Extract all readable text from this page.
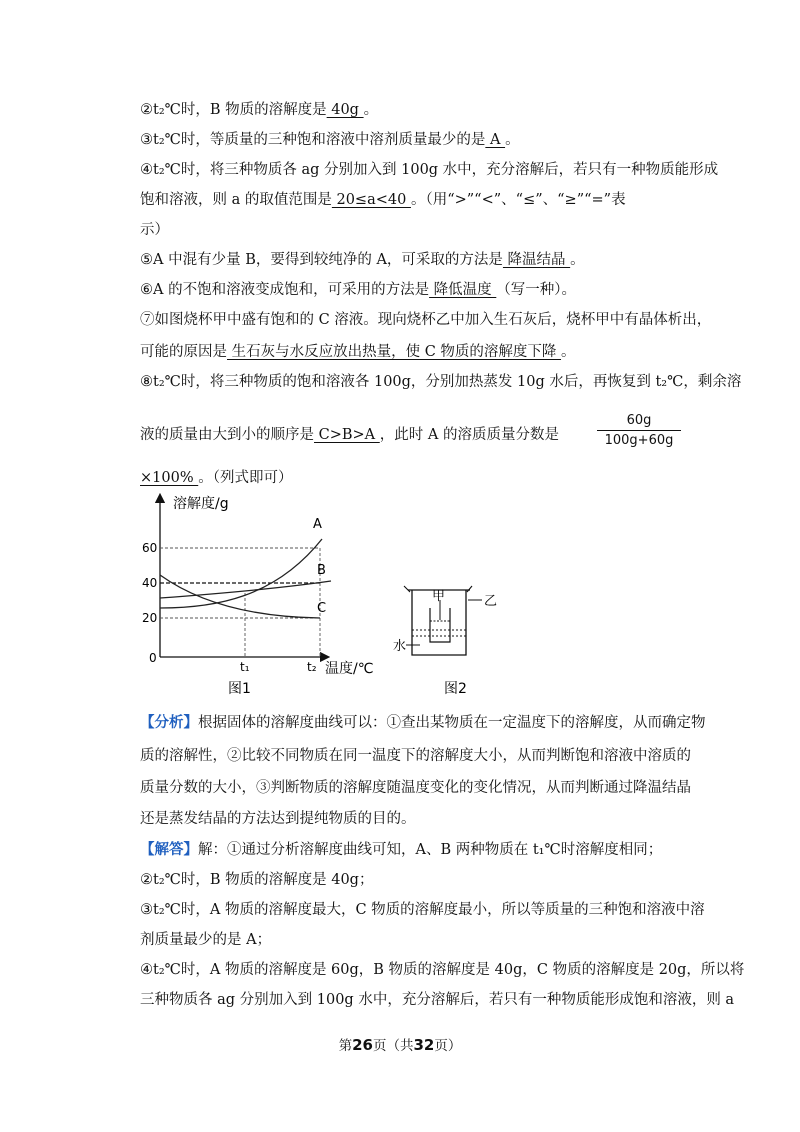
②t₂℃时，B 物质的溶解度是 40g 。
③t₂℃时，等质量的三种饱和溶液中溶剂质量最少的是 A 。
④t₂℃时，将三种物质各 ag 分别加入到 100g 水中，充分溶解后，若只有一种物质能形成
饱和溶液，则 a 的取值范围是 20≤a<40 。（用“>”“<”、“≤”、“≥”“=”表
示）
⑤A 中混有少量 B，要得到较纯净的 A，可采取的方法是 降温结晶 。
⑥A 的不饱和溶液变成饱和，可采用的方法是 降低温度 （写一种）。
⑦如图烧杯甲中盛有饱和的 C 溶液。现向烧杯乙中加入生石灰后，烧杯甲中有晶体析出，
可能的原因是 生石灰与水反应放出热量，使 C 物质的溶解度下降 。
⑧t₂℃时，将三种物质的饱和溶液各 100g，分别加热蒸发 10g 水后，再恢复到 t₂℃，剩余溶
液的质量由大到小的顺序是 C>B>A ，此时 A 的溶质质量分数是	$\frac{60g}{100g+60g}$
×100% 。（列式即可）
溶解度/g
温度/℃
60
40
20
0
t₁	t₂
A
B
C
图1
甲	乙
水
图2
【分析】根据固体的溶解度曲线可以：①查出某物质在一定温度下的溶解度，从而确定物
质的溶解性，②比较不同物质在同一温度下的溶解度大小，从而判断饱和溶液中溶质的
质量分数的大小，③判断物质的溶解度随温度变化的变化情况，从而判断通过降温结晶
还是蒸发结晶的方法达到提纯物质的目的。
【解答】解：①通过分析溶解度曲线可知，A、B 两种物质在 t₁℃时溶解度相同；
②t₂℃时，B 物质的溶解度是 40g；
③t₂℃时，A 物质的溶解度最大，C 物质的溶解度最小，所以等质量的三种饱和溶液中溶
剂质量最少的是 A；
④t₂℃时，A 物质的溶解度是 60g，B 物质的溶解度是 40g，C 物质的溶解度是 20g，所以将
三种物质各 ag 分别加入到 100g 水中，充分溶解后，若只有一种物质能形成饱和溶液，则 a
第26页（共32页）
